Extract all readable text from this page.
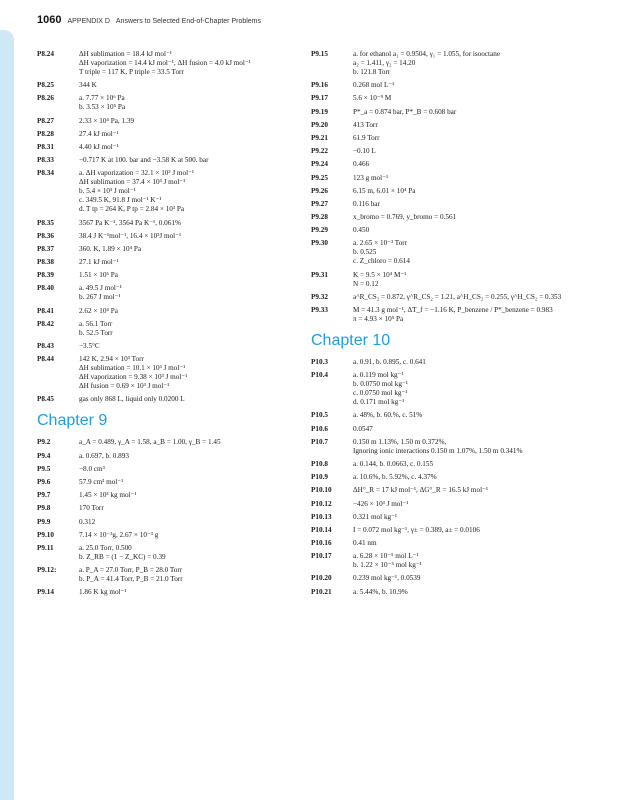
1060 APPENDIX D Answers to Selected End-of-Chapter Problems
P8.24	ΔH sublimation = 18.4 kJ mol⁻¹
ΔH vaporization = 14.4 kJ mol⁻¹, ΔH fusion = 4.0 kJ mol⁻¹
T triple = 117 K, P triple = 33.5 Torr
P8.25	344 K
P8.26	a. 7.77 × 10⁶ Pa
b. 3.53 × 10⁵ Pa
P8.27	2.33 × 10⁴ Pa, 1.39
P8.28	27.4 kJ mol⁻¹
P8.31	4.40 kJ mol⁻¹
P8.33	−0.717 K at 100. bar and −3.58 K at 500. bar
P8.34	a. ΔH vaporization = 32.1 × 10³ J mol⁻¹
ΔH sublimation = 37.4 × 10³ J mol⁻¹
b. 5.4 × 10³ J mol⁻¹
c. 349.5 K, 91.8 J mol⁻¹ K⁻¹
d. T tp = 264 K, P tp = 2.84 × 10³ Pa
P8.35	3567 Pa K⁻¹, 3564 Pa K⁻¹, 0.061%
P8.36	38.4 J K⁻¹mol⁻¹, 16.4 × 10³J mol⁻¹
P8.37	360. K, 1.89 × 10⁴ Pa
P8.38	27.1 kJ mol⁻¹
P8.39	1.51 × 10⁵ Pa
P8.40	a. 49.5 J mol⁻¹
b. 267 J mol⁻¹
P8.41	2.62 × 10⁴ Pa
P8.42	a. 56.1 Torr
b. 52.5 Torr
P8.43	−3.5°C
P8.44	142 K, 2.94 × 10³ Torr
ΔH sublimation = 10.1 × 10³ J mol⁻¹
ΔH vaporization = 9.38 × 10³ J mol⁻¹
ΔH fusion = 0.69 × 10³ J mol⁻¹
P8.45	gas only 868 L, liquid only 0.0200 L
Chapter 9
P9.2	a_A = 0.489, γ_A = 1.58, a_B = 1.00, γ_B = 1.45
P9.4	a. 0.697, b. 0.893
P9.5	−8.0 cm³
P9.6	57.9 cm³ mol⁻¹
P9.7	1.45 × 10³ kg mol⁻¹
P9.8	170 Torr
P9.9	0.312
P9.10	7.14 × 10⁻³g, 2.67 × 10⁻³ g
P9.11	a. 25.0 Torr, 0.500
b. Z_RB = (1 − Z_KC) = 0.39
P9.12:	a. P_A = 27.0 Torr, P_B = 28.0 Torr
b. P_A = 41.4 Torr, P_B = 21.0 Torr
P9.14	1.86 K kg mol⁻¹
P9.15	a. for ethanol a₁ = 0.9504, γ₁ = 1.055, for isooctane
a₂ = 1.411, γ₂ = 14.20
b. 121.8 Torr
P9.16	0.268 mol L⁻¹
P9.17	5.6 × 10⁻⁹ M
P9.19	P*_a = 0.874 bar, P*_B = 0.608 bar
P9.20	413 Torr
P9.21	61.9 Torr
P9.22	−0.10 L
P9.24	0.466
P9.25	123 g mol⁻¹
P9.26	6.15 m, 6.01 × 10⁴ Pa
P9.27	0.116 bar
P9.28	x_bromo = 0.769, y_bromo = 0.561
P9.29	0.450
P9.30	a. 2.65 × 10⁻³ Torr
b. 0.525
c. Z_chloro = 0.614
P9.31	K = 9.5 × 10⁴ M⁻¹
N = 0.12
P9.32	a^R_CS₂ = 0.872, γ^R_CS₂ = 1.21, a^H_CS₂ = 0.255, γ^H_CS₂ = 0.353
P9.33	M = 41.3 g mol⁻¹, ΔT_f = −1.16 K, P_benzene / P*_benzene = 0.983
π = 4.93 × 10⁵ Pa
Chapter 10
P10.3	a. 0.91, b. 0.895, c. 0.641
P10.4	a. 0.119 mol kg⁻¹
b. 0.0750 mol kg⁻¹
c. 0.0750 mol kg⁻¹
d. 0.171 mol kg⁻¹
P10.5	a. 48%, b. 60.%, c. 51%
P10.6	0.0547
P10.7	0.150 m 1.13%, 1.50 m 0.372%,
Ignoring ionic interactions 0.150 m 1.07%, 1.50 m 0.341%
P10.8	a. 0.144, b. 0.0663, c. 0.155
P10.9	a. 10.6%, b. 5.92%, c. 4.37%
P10.10	ΔH°_R = 17 kJ mol⁻¹, ΔG°_R = 16.5 kJ mol⁻¹
P10.12	−426 × 10³ J mol⁻¹
P10.13	0.321 mol kg⁻¹
P10.14	I = 0.072 mol kg⁻¹, γ± = 0.389, a± = 0.0106
P10.16	0.41 nm
P10.17	a. 6.28 × 10⁻⁵ mol L⁻¹
b. 1.22 × 10⁻⁵ mol kg⁻¹
P10.20	0.239 mol kg⁻¹, 0.0539
P10.21	a. 5.44%, b. 10.9%
